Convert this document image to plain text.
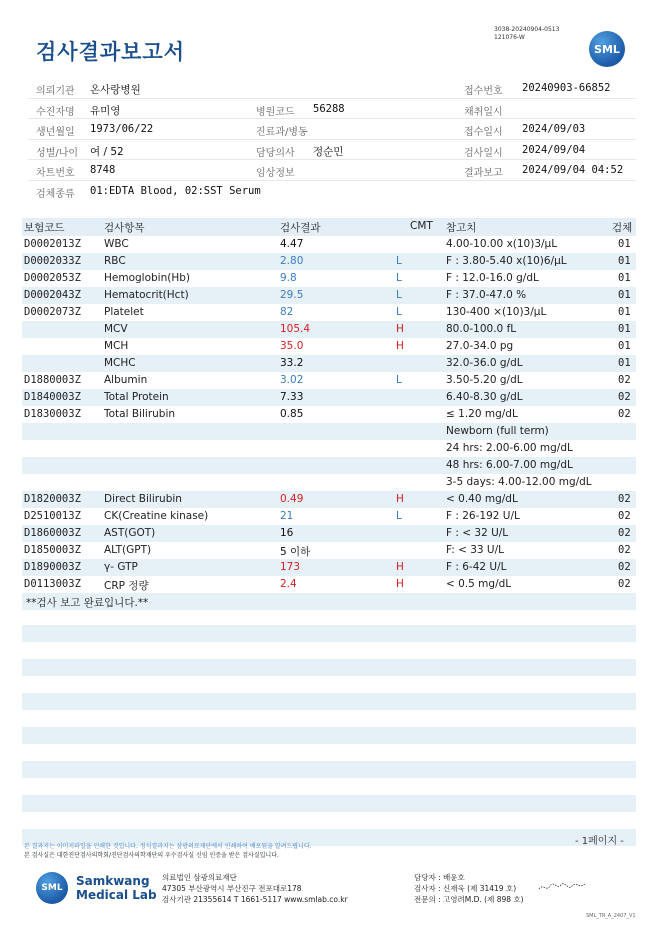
검사결과보고서
3038-20240904-0513
121076-W
SML
의뢰기관 온사랑병원	접수번호 20240903-66852
수진자명 유미영	병원코드 56288	채취일시
생년월일 1973/06/22	진료과/병동	접수일시 2024/09/03
성별/나이 여 / 52	담당의사 정순민	검사일시 2024/09/04
차트번호 8748	임상정보	결과보고 2024/09/04 04:52
검체종류 01:EDTA Blood, 02:SST Serum
보험코드	검사항목	검사결과	CMT 참고치	검체
D0002013Z WBC	4.47	4.00-10.00 x(10)3/μL	01
D0002033Z RBC	2.80	L	F : 3.80-5.40 x(10)6/μL	01
D0002053Z Hemoglobin(Hb)	9.8	L	F : 12.0-16.0 g/dL	01
D0002043Z Hematocrit(Hct)	29.5	L	F : 37.0-47.0 %	01
D0002073Z Platelet	82	L	130-400 ×(10)3/μL	01
MCV	105.4	H	80.0-100.0 fL	01
MCH	35.0	H	27.0-34.0 pg	01
MCHC	33.2	32.0-36.0 g/dL	01
D1880003Z Albumin	3.02	L	3.50-5.20 g/dL	02
D1840003Z Total Protein	7.33	6.40-8.30 g/dL	02
D1830003Z Total Bilirubin	0.85	≤ 1.20 mg/dL	02
Newborn (full term)
24 hrs: 2.00-6.00 mg/dL
48 hrs: 6.00-7.00 mg/dL
3-5 days: 4.00-12.00 mg/dL
D1820003Z Direct Bilirubin	0.49	H	< 0.40 mg/dL	02
D2510013Z CK(Creatine kinase)	21	L	F : 26-192 U/L	02
D1860003Z AST(GOT)	16	F : < 32 U/L	02
D1850003Z ALT(GPT)	5 이하	F: < 33 U/L	02
D1890003Z γ- GTP	173	H	F : 6-42 U/L	02
D0113003Z CRP 정량	2.4	H	< 0.5 mg/dL	02
**검사 보고 완료입니다.**
본 결과지는 이미지파일을 인쇄한 것입니다. 정식결과지는 삼광의료재단에서 인쇄하여 배포됨을 알려드립니다.
본 검사실은 대한진단검사의학회/진단검사의학재단의 우수검사실 신임 인증을 받은 검사실입니다.
- 1페이지 -
SML	Samkwang
Medical Lab
의료법인 삼광의료재단
47305 부산광역시 부산진구 전포대로178
검사기관 21355614 T 1661-5117 www.smlab.co.kr
담당자 : 배윤호
검사자 : 신재욱 (제 31419 호)
전문의 : 고영려M.D. (제 898 호)
SML_TR_A_2407_V1
